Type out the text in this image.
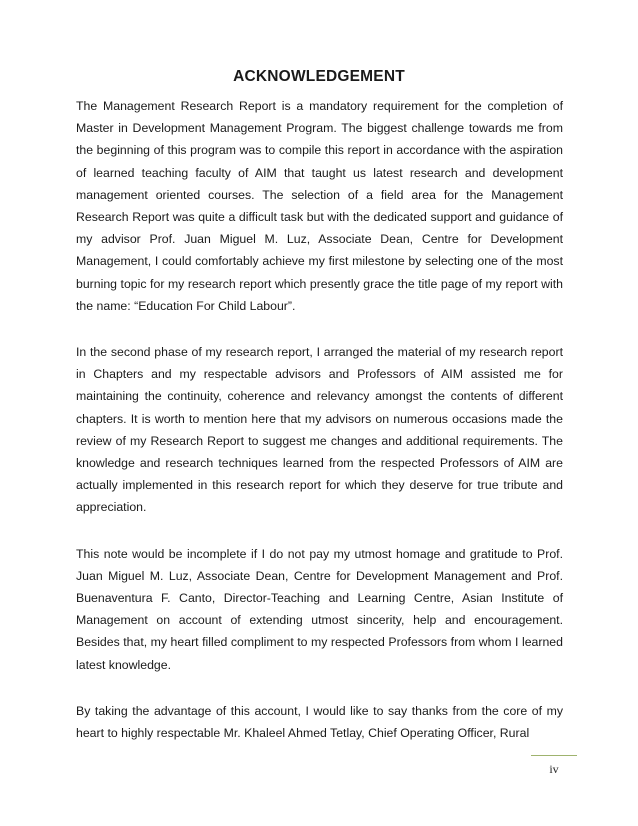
ACKNOWLEDGEMENT

The Management Research Report is a mandatory requirement for the completion of Master in Development Management Program. The biggest challenge towards me from the beginning of this program was to compile this report in accordance with the aspiration of learned teaching faculty of AIM that taught us latest research and development management oriented courses. The selection of a field area for the Management Research Report was quite a difficult task but with the dedicated support and guidance of my advisor Prof. Juan Miguel M. Luz, Associate Dean, Centre for Development Management, I could comfortably achieve my first milestone by selecting one of the most burning topic for my research report which presently grace the title page of my report with the name: “Education For Child Labour”.

In the second phase of my research report, I arranged the material of my research report in Chapters and my respectable advisors and Professors of AIM assisted me for maintaining the continuity, coherence and relevancy amongst the contents of different chapters. It is worth to mention here that my advisors on numerous occasions made the review of my Research Report to suggest me changes and additional requirements. The knowledge and research techniques learned from the respected Professors of AIM are actually implemented in this research report for which they deserve for true tribute and appreciation.

This note would be incomplete if I do not pay my utmost homage and gratitude to Prof. Juan Miguel M. Luz, Associate Dean, Centre for Development Management and Prof. Buenaventura F. Canto, Director-Teaching and Learning Centre, Asian Institute of Management on account of extending utmost sincerity, help and encouragement. Besides that, my heart filled compliment to my respected Professors from whom I learned latest knowledge.

By taking the advantage of this account, I would like to say thanks from the core of my heart to highly respectable Mr. Khaleel Ahmed Tetlay, Chief Operating Officer, Rural

iv
